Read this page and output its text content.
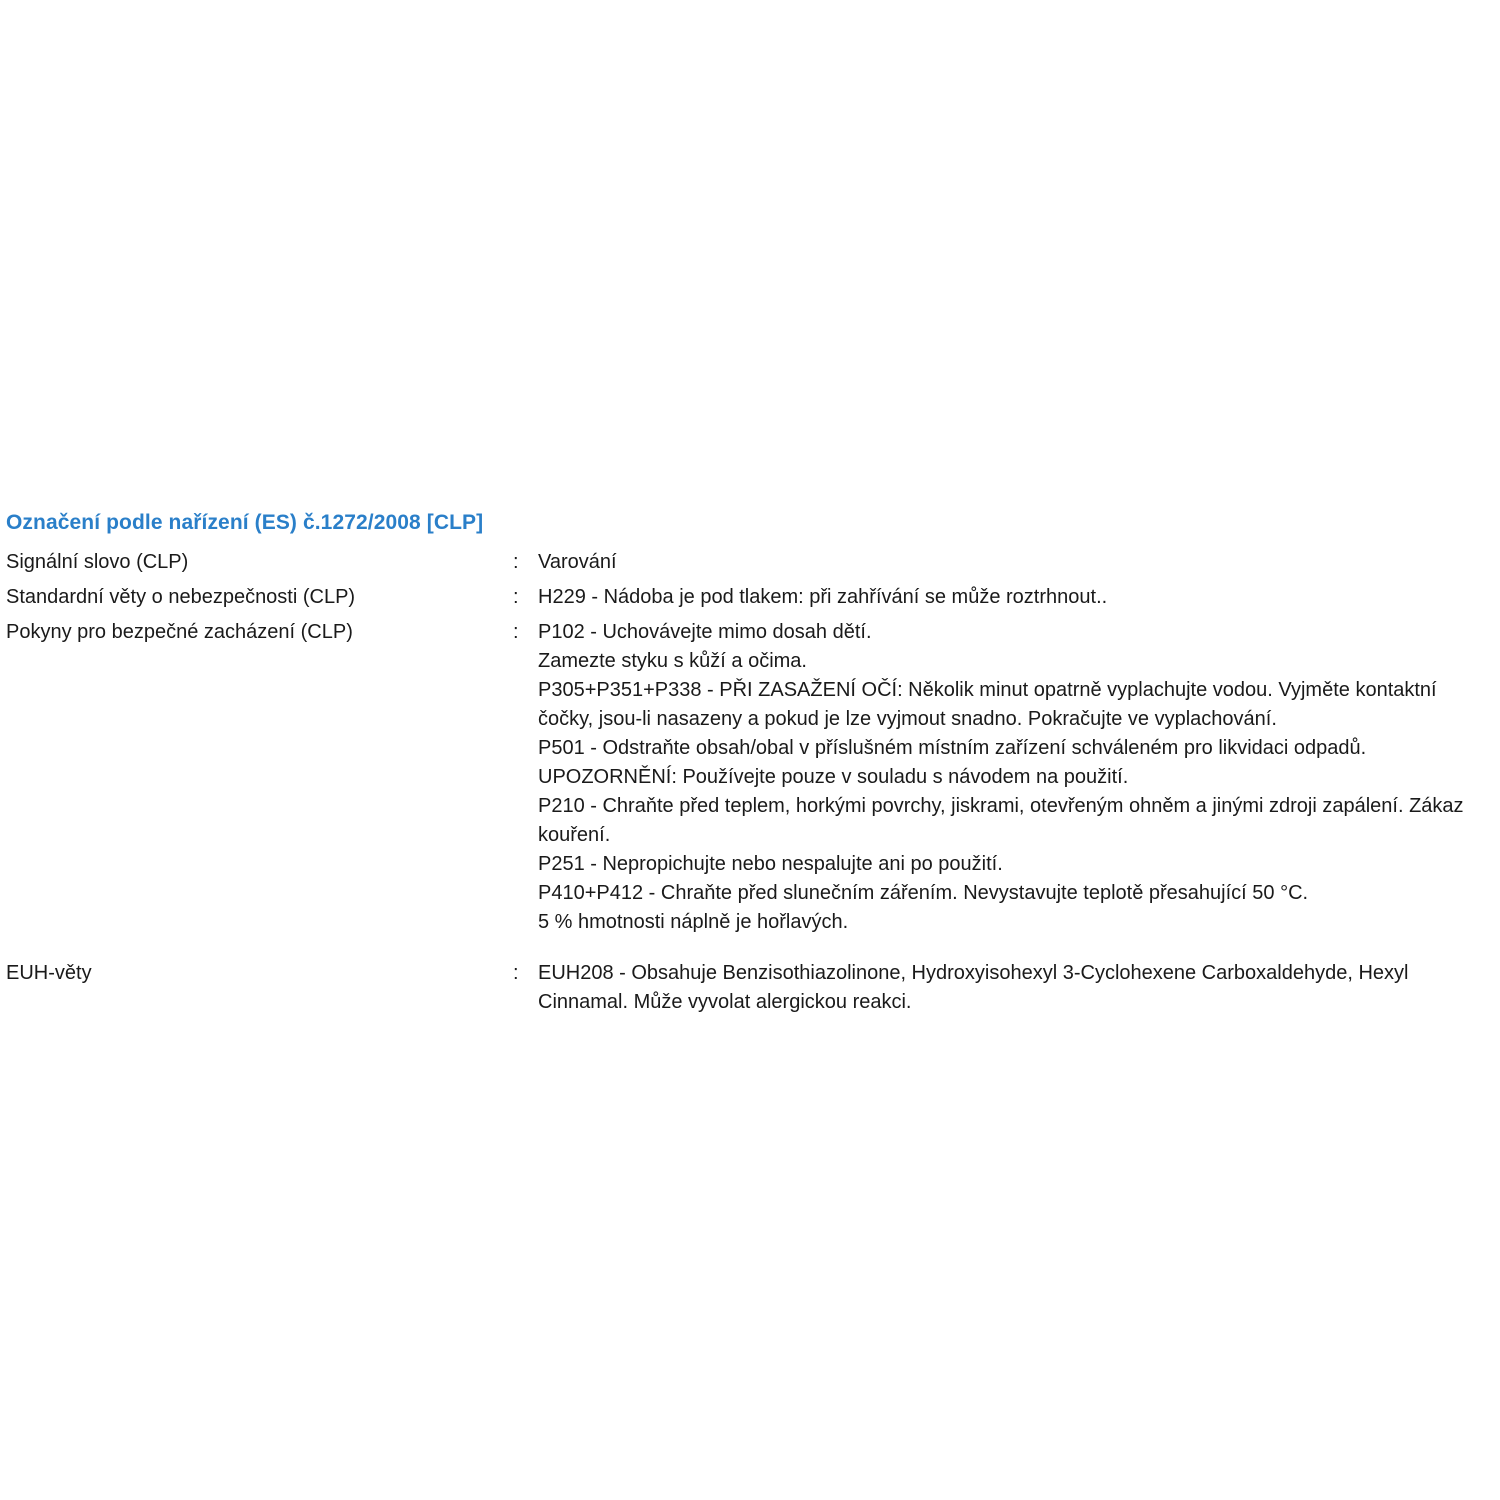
Označení podle nařízení (ES) č.1272/2008 [CLP]
Signální slovo (CLP)	: Varování

Standardní věty o nebezpečnosti (CLP)	: H229 - Nádoba je pod tlakem: při zahřívání se může roztrhnout..

Pokyny pro bezpečné zacházení (CLP)	: P102 - Uchovávejte mimo dosah dětí.

Zamezte styku s kůží a očima.

P305+P351+P338 - PŘI ZASAŽENÍ OČÍ: Několik minut opatrně vyplachujte vodou. Vyjměte kontaktní čočky, jsou-li nasazeny a pokud je lze vyjmout snadno. Pokračujte ve vyplachování.

P501 - Odstraňte obsah/obal v příslušném místním zařízení schváleném pro likvidaci odpadů.

UPOZORNĚNÍ: Používejte pouze v souladu s návodem na použití.

P210 - Chraňte před teplem, horkými povrchy, jiskrami, otevřeným ohněm a jinými zdroji zapálení. Zákaz kouření.

P251 - Nepropichujte nebo nespalujte ani po použití.

P410+P412 - Chraňte před slunečním zářením. Nevystavujte teplotě přesahující 50 °C.

5 % hmotnosti náplně je hořlavých.

EUH-věty	: EUH208 - Obsahuje Benzisothiazolinone, Hydroxyisohexyl 3-Cyclohexene Carboxaldehyde, Hexyl Cinnamal. Může vyvolat alergickou reakci.
